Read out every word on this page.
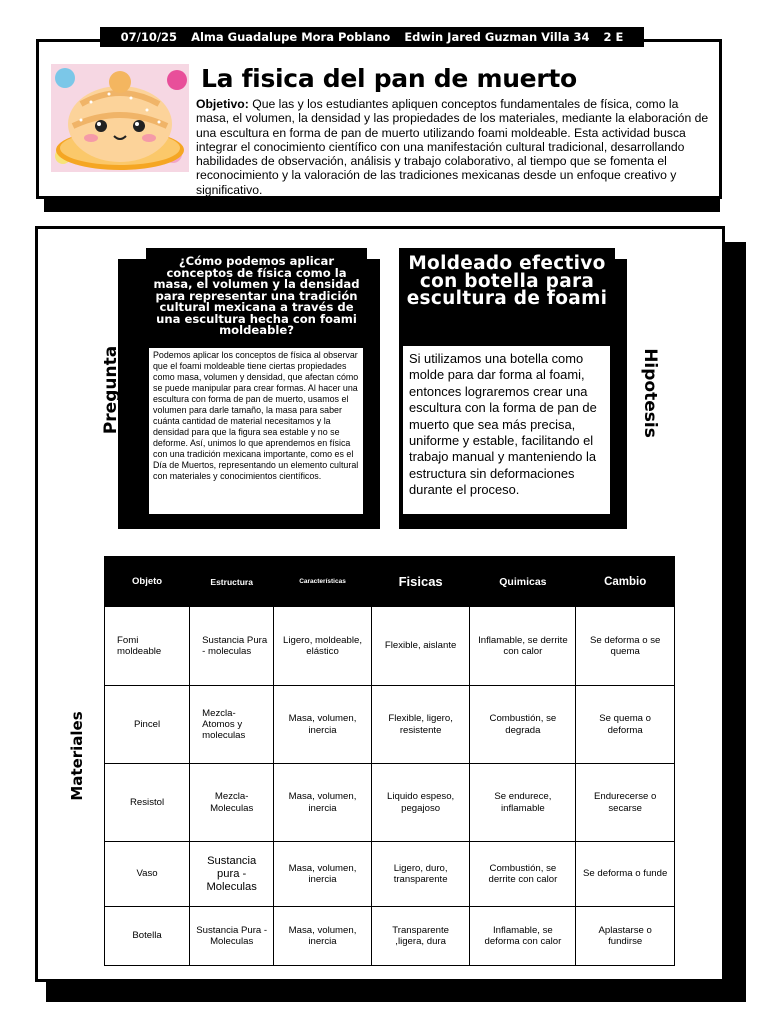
07/10/25 Alma Guadalupe Mora Poblano Edwin Jared Guzman Villa 34 2 E
La fisica del pan de muerto
Objetivo: Que las y los estudiantes apliquen conceptos fundamentales de física, como la masa, el volumen, la densidad y las propiedades de los materiales, mediante la elaboración de una escultura en forma de pan de muerto utilizando foami moldeable. Esta actividad busca integrar el conocimiento científico con una manifestación cultural tradicional, desarrollando habilidades de observación, análisis y trabajo colaborativo, al tiempo que se fomenta el reconocimiento y la valoración de las tradiciones mexicanas desde un enfoque creativo y significativo.
¿Cómo podemos aplicar conceptos de física como la masa, el volumen y la densidad para representar una tradición cultural mexicana a través de una escultura hecha con foami moldeable?
Podemos aplicar los conceptos de física al observar que el foami moldeable tiene ciertas propiedades como masa, volumen y densidad, que afectan cómo se puede manipular para crear formas. Al hacer una escultura con forma de pan de muerto, usamos el volumen para darle tamaño, la masa para saber cuánta cantidad de material necesitamos y la densidad para que la figura sea estable y no se deforme. Así, unimos lo que aprendemos en física con una tradición mexicana importante, como es el Día de Muertos, representando un elemento cultural con materiales y conocimientos científicos.
Pregunta
Moldeado efectivo con botella para escultura de foami
Si utilizamos una botella como molde para dar forma al foami, entonces lograremos crear una escultura con la forma de pan de muerto que sea más precisa, uniforme y estable, facilitando el trabajo manual y manteniendo la estructura sin deformaciones durante el proceso.
Hipotesis
Materiales
Objeto	Estructura	Características	Fisicas	Quimicas	Cambio
Fomi moldeable	Sustancia Pura - moleculas	Ligero, moldeable, elástico	Flexible, aislante	Inflamable, se derrite con calor	Se deforma o se quema
Pincel	Mezcla- Atomos y moleculas	Masa, volumen, inercia	Flexible, ligero, resistente	Combustión, se degrada	Se quema o deforma
Resistol	Mezcla- Moleculas	Masa, volumen, inercia	Liquido espeso, pegajoso	Se endurece, inflamable	Endurecerse o secarse
Vaso	Sustancia pura - Moleculas	Masa, volumen, inercia	Ligero, duro, transparente	Combustión, se derrite con calor	Se deforma o funde
Botella	Sustancia Pura - Moleculas	Masa, volumen, inercia	Transparente ,ligera, dura	Inflamable, se deforma con calor	Aplastarse o fundirse
